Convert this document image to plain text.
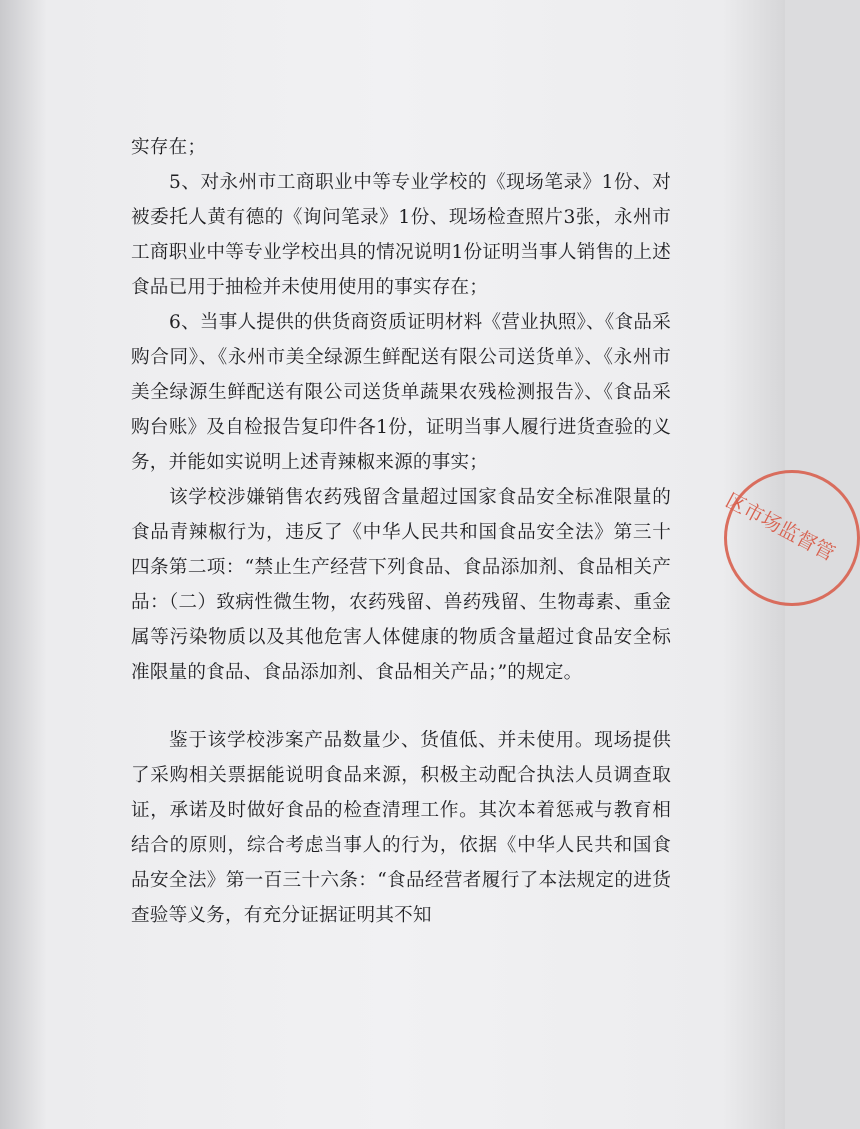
实存在；

5、对永州市工商职业中等专业学校的《现场笔录》1份、对被委托人黄有德的《询问笔录》1份、现场检查照片3张，永州市工商职业中等专业学校出具的情况说明1份证明当事人销售的上述食品已用于抽检并未使用使用的事实存在；

6、当事人提供的供货商资质证明材料《营业执照》、《食品采购合同》、《永州市美全绿源生鲜配送有限公司送货单》、《永州市美全绿源生鲜配送有限公司送货单蔬果农残检测报告》、《食品采购台账》及自检报告复印件各1份，证明当事人履行进货查验的义务，并能如实说明上述青辣椒来源的事实；

该学校涉嫌销售农药残留含量超过国家食品安全标准限量的食品青辣椒行为，违反了《中华人民共和国食品安全法》第三十四条第二项：“禁止生产经营下列食品、食品添加剂、食品相关产品：（二）致病性微生物，农药残留、兽药残留、生物毒素、重金属等污染物质以及其他危害人体健康的物质含量超过食品安全标准限量的食品、食品添加剂、食品相关产品；”的规定。

鉴于该学校涉案产品数量少、货值低、并未使用。现场提供了采购相关票据能说明食品来源，积极主动配合执法人员调查取证，承诺及时做好食品的检查清理工作。其次本着惩戒与教育相结合的原则，综合考虑当事人的行为，依据《中华人民共和国食品安全法》第一百三十六条：“食品经营者履行了本法规定的进货查验等义务，有充分证据证明其不知

区市场监督管
